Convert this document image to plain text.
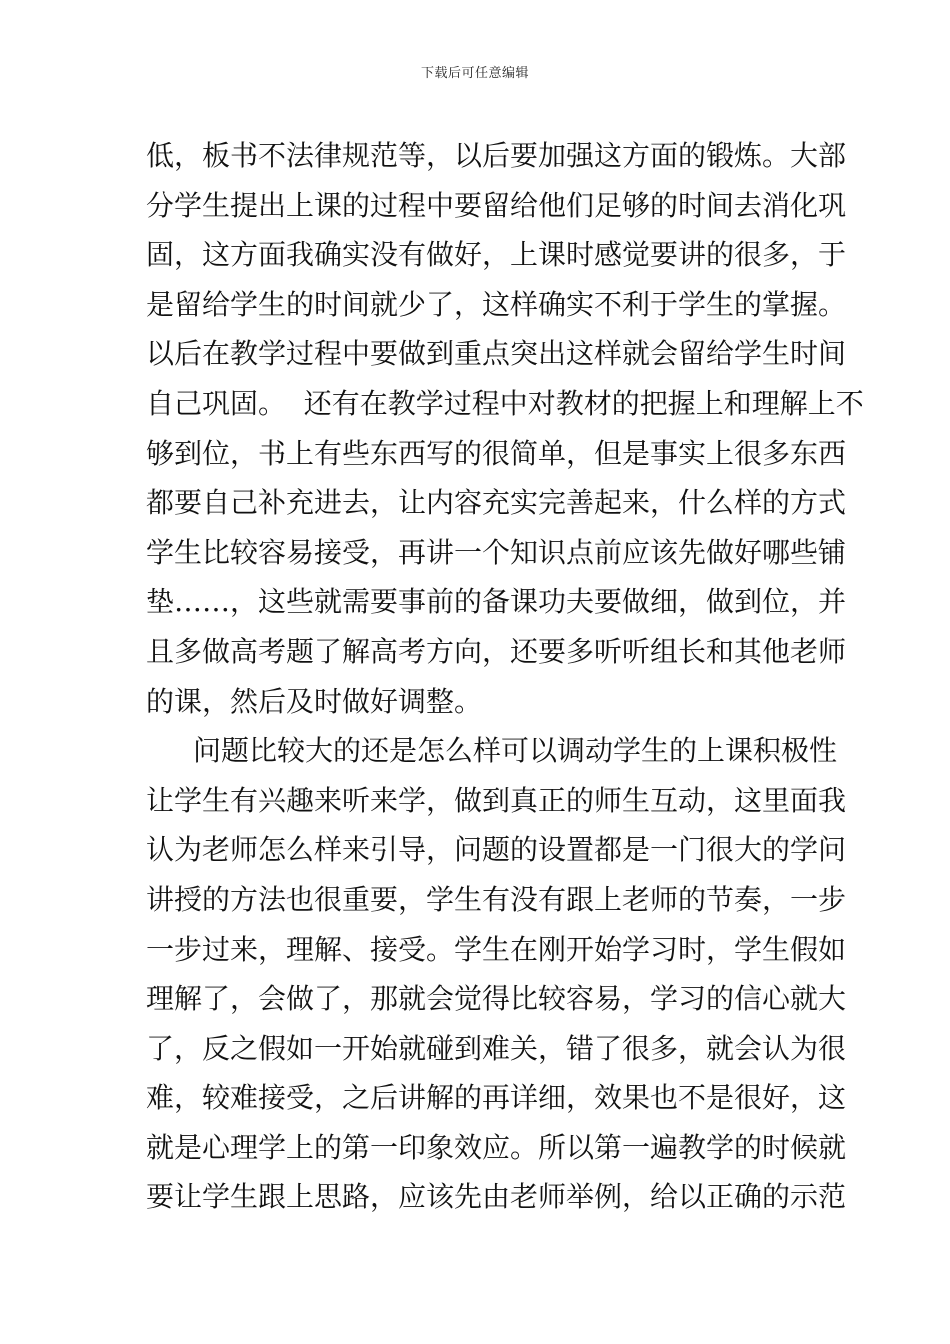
下载后可任意编辑
低，板书不法律规范等，以后要加强这方面的锻炼。大部
分学生提出上课的过程中要留给他们足够的时间去消化巩
固，这方面我确实没有做好，上课时感觉要讲的很多，于
是留给学生的时间就少了，这样确实不利于学生的掌握。
以后在教学过程中要做到重点突出这样就会留给学生时间
自己巩固。  还有在教学过程中对教材的把握上和理解上不
够到位，书上有些东西写的很简单，但是事实上很多东西
都要自己补充进去，让内容充实完善起来，什么样的方式
学生比较容易接受，再讲一个知识点前应该先做好哪些铺
垫……，这些就需要事前的备课功夫要做细，做到位，并
且多做高考题了解高考方向，还要多听听组长和其他老师
的课，然后及时做好调整。
问题比较大的还是怎么样可以调动学生的上课积极性
让学生有兴趣来听来学，做到真正的师生互动，这里面我
认为老师怎么样来引导，问题的设置都是一门很大的学问
讲授的方法也很重要，学生有没有跟上老师的节奏，一步
一步过来，理解、接受。学生在刚开始学习时，学生假如
理解了，会做了，那就会觉得比较容易，学习的信心就大
了，反之假如一开始就碰到难关，错了很多，就会认为很
难，较难接受，之后讲解的再详细，效果也不是很好，这
就是心理学上的第一印象效应。所以第一遍教学的时候就
要让学生跟上思路，应该先由老师举例，给以正确的示范
